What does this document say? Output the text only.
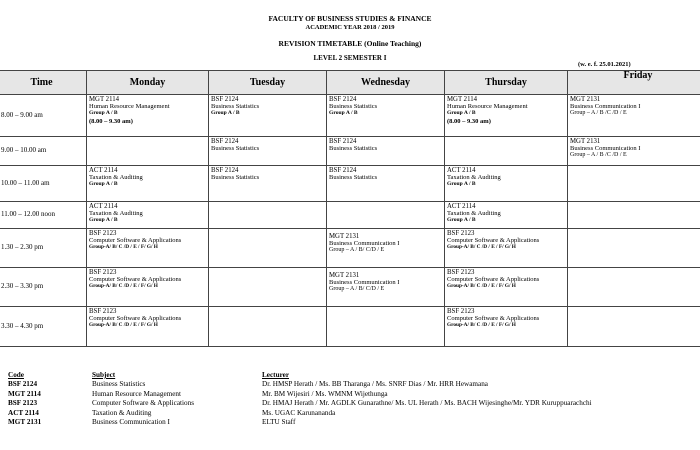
FACULTY OF BUSINESS STUDIES & FINANCE
ACADEMIC YEAR 2018 / 2019
REVISION TIMETABLE (Online Teaching)
LEVEL 2 SEMESTER I
(w. e. f. 25.01.2021)
Time	Monday	Tuesday	Wednesday	Thursday	Friday
8.00 – 9.00 am	MGT 2114
Human Resource Management
Group A / B
(8.00 – 9.30 am)	BSF 2124
Business Statistics
Group A / B	BSF 2124
Business Statistics
Group A / B	MGT 2114
Human Resource Management
Group A / B
(8.00 – 9.30 am)	MGT 2131
Business Communication I
Group – A / B /C /D / E

9.00 – 10.00 am		BSF 2124
Business Statistics	BSF 2124
Business Statistics		MGT 2131
Business Communication I
Group – A / B /C /D / E

10.00 – 11.00 am	ACT 2114
Taxation & Auditing
Group A / B	BSF 2124
Business Statistics	BSF 2124
Business Statistics	ACT 2114
Taxation & Auditing
Group A / B	

11.00 – 12.00 noon	ACT 2114
Taxation & Auditing
Group A / B			ACT 2114
Taxation & Auditing
Group A / B	

1.30 – 2.30 pm	BSF 2123
Computer Software & Applications
Group-A/ B/ C /D / E / F/ G/ H		MGT 2131
Business Communication I
Group – A / B/ C/D / E	BSF 2123
Computer Software & Applications
Group-A/ B/ C /D / E / F/ G/ H	

2.30 – 3.30 pm	BSF 2123
Computer Software & Applications
Group-A/ B/ C /D / E / F/ G/ H		MGT 2131
Business Communication I
Group – A / B/ C/D / E	BSF 2123
Computer Software & Applications
Group-A/ B/ C /D / E / F/ G/ H	

3.30 – 4.30 pm	BSF 2123
Computer Software & Applications
Group-A/ B/ C /D / E / F/ G/ H			BSF 2123
Computer Software & Applications
Group-A/ B/ C /D / E / F/ G/ H	

Code	Subject	Lecturer
BSF 2124	Business Statistics	Dr. HMSP Herath / Ms. BB Tharanga / Ms. SNRF Dias / Mr. HRR Hewamana
MGT 2114	Human Resource Management	Mr. BM Wijesiri / Ms. WMNM Wijethunga
BSF 2123	Computer Software & Applications	Dr. HMAJ Herath / Mr. AGDLK Gunarathne/ Ms. UL Herath / Ms. BACH Wijesinghe/Mr. YDR Kuruppuarachchi
ACT 2114	Taxation & Auditing	Ms. UGAC Karunananda
MGT 2131	Business Communication I	ELTU Staff
